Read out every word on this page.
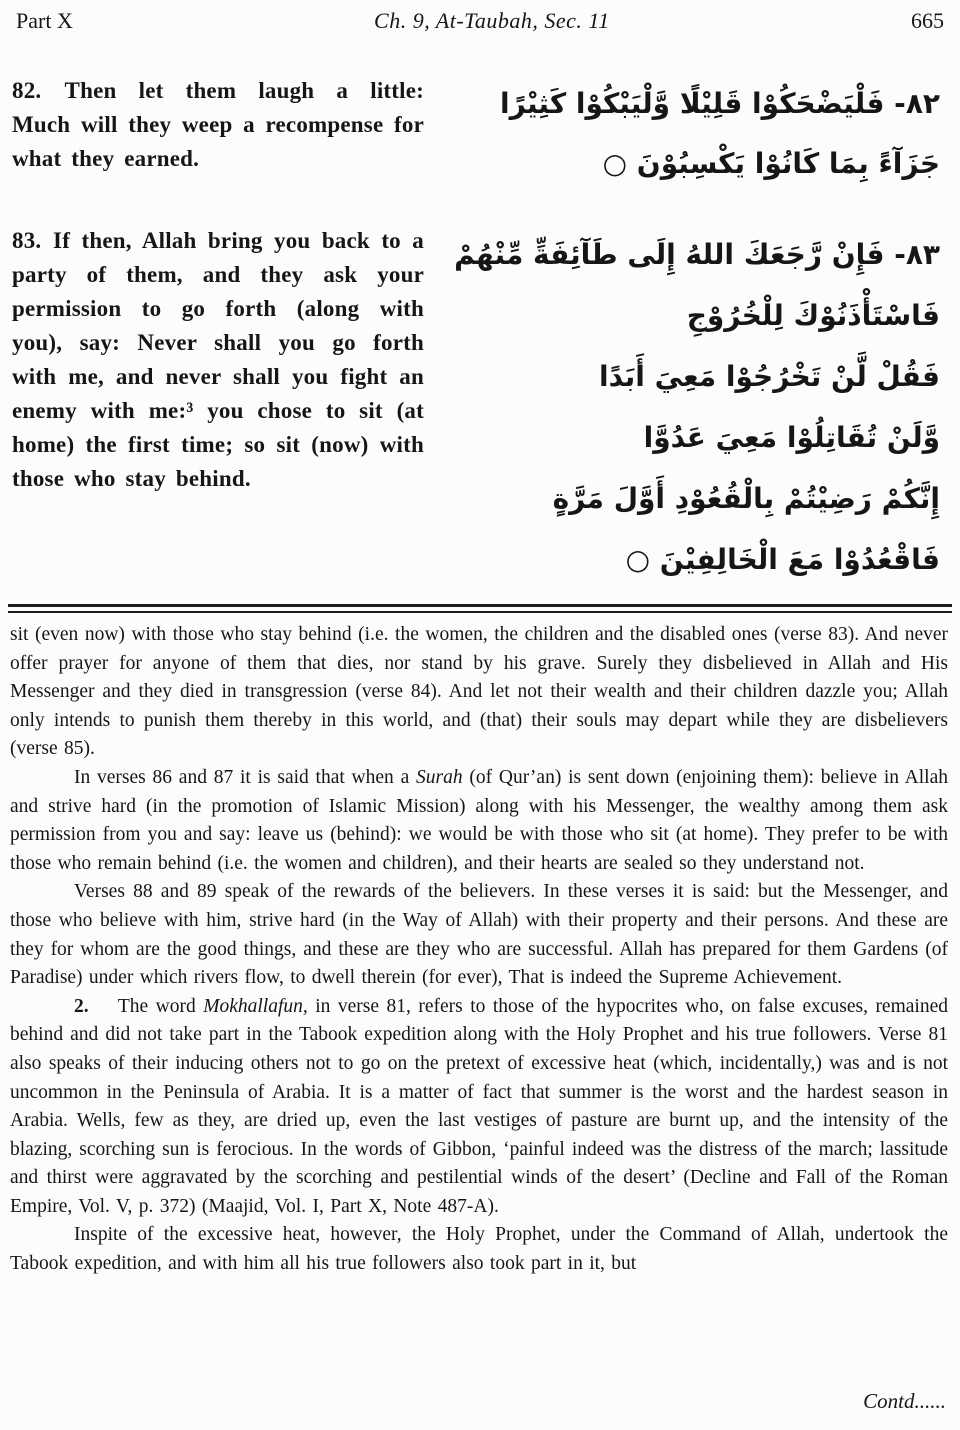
Part X	Ch. 9, At-Taubah, Sec. 11	665
82. Then let them laugh a little: Much will they weep a recompense for what they earned.
٨٢- فَلْيَضْحَكُوْا قَلِيْلًا وَّلْيَبْكُوْا كَثِيْرًا
جَزَآءً بِمَا كَانُوْا يَكْسِبُوْنَ ○
83. If then, Allah bring you back to a party of them, and they ask your permission to go forth (along with you), say: Never shall you go forth with me, and never shall you fight an enemy with me:³ you chose to sit (at home) the first time; so sit (now) with those who stay behind.
٨٣- فَإِنْ رَّجَعَكَ اللهُ إِلَى طَآئِفَةِّ مِّنْهُمْ
فَاسْتَأْذَنُوْكَ لِلْخُرُوْجِ
فَقُلْ لَّنْ تَخْرُجُوْا مَعِيَ أَبَدًا
وَّلَنْ تُقَاتِلُوْا مَعِيَ عَدُوَّا
إِنَّكُمْ رَضِيْتُمْ بِالْقُعُوْدِ أَوَّلَ مَرَّةٍ
فَاقْعُدُوْا مَعَ الْخَالِفِيْنَ ○

sit (even now) with those who stay behind (i.e. the women, the children and the disabled ones (verse 83). And never offer prayer for anyone of them that dies, nor stand by his grave. Surely they disbelieved in Allah and His Messenger and they died in transgression (verse 84). And let not their wealth and their children dazzle you; Allah only intends to punish them thereby in this world, and (that) their souls may depart while they are disbelievers (verse 85).

In verses 86 and 87 it is said that when a Surah (of Qur’an) is sent down (enjoining them): believe in Allah and strive hard (in the promotion of Islamic Mission) along with his Messenger, the wealthy among them ask permission from you and say: leave us (behind): we would be with those who sit (at home). They prefer to be with those who remain behind (i.e. the women and children), and their hearts are sealed so they understand not.

Verses 88 and 89 speak of the rewards of the believers. In these verses it is said: but the Messenger, and those who believe with him, strive hard (in the Way of Allah) with their property and their persons. And these are they for whom are the good things, and these are they who are successful. Allah has prepared for them Gardens (of Paradise) under which rivers flow, to dwell therein (for ever), That is indeed the Supreme Achievement.

2.  The word Mokhallafun, in verse 81, refers to those of the hypocrites who, on false excuses, remained behind and did not take part in the Tabook expedition along with the Holy Prophet and his true followers. Verse 81 also speaks of their inducing others not to go on the pretext of excessive heat (which, incidentally,) was and is not uncommon in the Peninsula of Arabia. It is a matter of fact that summer is the worst and the hardest season in Arabia. Wells, few as they, are dried up, even the last vestiges of pasture are burnt up, and the intensity of the blazing, scorching sun is ferocious. In the words of Gibbon, ‘painful indeed was the distress of the march; lassitude and thirst were aggravated by the scorching and pestilential winds of the desert’ (Decline and Fall of the Roman Empire, Vol. V, p. 372) (Maajid, Vol. I, Part X, Note 487-A).

Inspite of the excessive heat, however, the Holy Prophet, under the Command of Allah, undertook the Tabook expedition, and with him all his true followers also took part in it, but

Contd......
